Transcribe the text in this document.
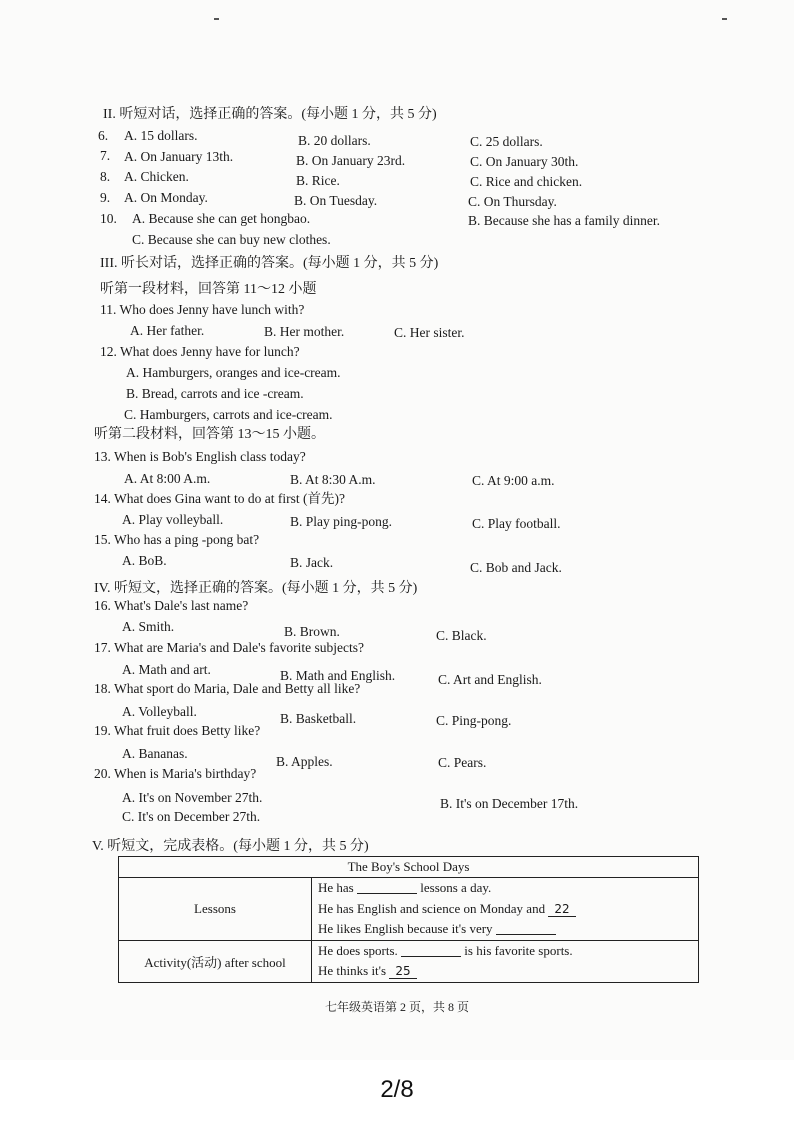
II. 听短对话，选择正确的答案。(每小题 1 分，共 5 分)
6. A. 15 dollars.	B. 20 dollars.	C. 25 dollars.
7. A. On January 13th.	B. On January 23rd.	C. On January 30th.
8. A. Chicken.	B. Rice.	C. Rice and chicken.
9. A. On Monday.	B. On Tuesday.	C. On Thursday.
10. A. Because she can get hongbao.	B. Because she has a family dinner.
C. Because she can buy new clothes.
III. 听长对话，选择正确的答案。(每小题 1 分，共 5 分)
听第一段材料，回答第 11～12 小题
11. Who does Jenny have lunch with?
A. Her father.	B. Her mother.	C. Her sister.
12. What does Jenny have for lunch?
A. Hamburgers, oranges and ice-cream.
B. Bread, carrots and ice -cream.
C. Hamburgers, carrots and ice-cream.
听第二段材料，回答第 13～15 小题。
13. When is Bob's English class today?
A. At 8:00 A.m.	B. At 8:30 A.m.	C. At 9:00 a.m.
14. What does Gina want to do at first (首先)?
A. Play volleyball.	B. Play ping-pong.	C. Play football.
15. Who has a ping -pong bat?
A. BoB.	B. Jack.	C. Bob and Jack.
IV. 听短文，选择正确的答案。(每小题 1 分，共 5 分)
16. What's Dale's last name?
A. Smith.	B. Brown.	C. Black.
17. What are Maria's and Dale's favorite subjects?
A. Math and art.	B. Math and English.	C. Art and English.
18. What sport do Maria, Dale and Betty all like?
A. Volleyball.	B. Basketball.	C. Ping-pong.
19. What fruit does Betty like?
A. Bananas.
B. Apples.	C. Pears.
20. When is Maria's birthday?
A. It's on November 27th.	B. It's on December 17th.
C. It's on December 27th.
V. 听短文，完成表格。(每小题 1 分，共 5 分)
The Boy's School Days	
Lessons	He has lessons a day.
He has English and science on Monday and 22
He likes English because it's very

Activity(活动) after school	He does sports. is his favorite sports.
He thinks it's 25
七年级英语第 2 页，共 8 页
2/8
